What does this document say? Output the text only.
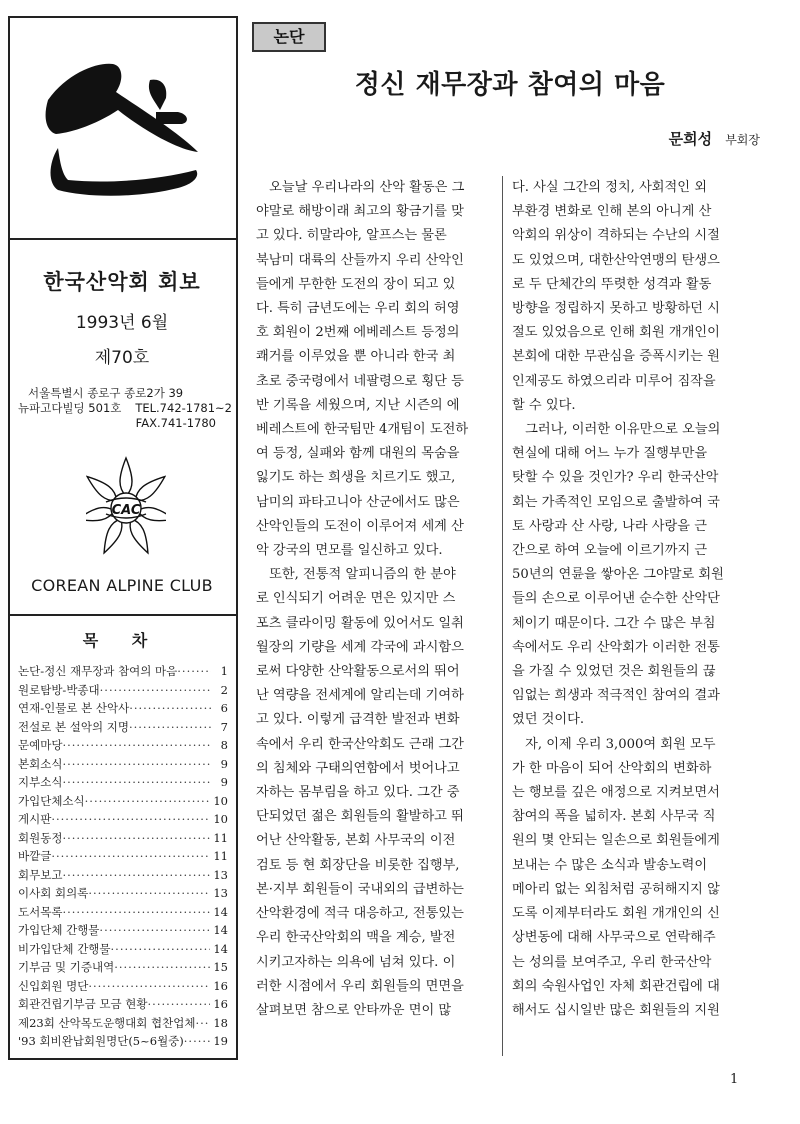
한국산악회 회보
1993년 6월
제70호
서울특별시 종로구 종로2가 39
뉴파고다빌딩 501호 TEL.742-1781~2
FAX.741-1780
CAC
COREAN ALPINE CLUB
목 차
논단-정신 재무장과 참여의 마음 ·····	1
원로탐방-박종대 ·····	2
연재-인물로 본 산악사 ·····	6
전설로 본 설악의 지명 ·····	7
문예마당 ·····	8
본회소식 ·····	9
지부소식 ·····	9
가입단체소식 ·····	10
게시판 ·····	10
회원동정 ·····	11
바깥글 ·····	11
회무보고 ·····	13
이사회 회의록 ·····	13
도서목록 ·····	14
가입단체 간행물 ·····	14
비가입단체 간행물 ·····	14
기부금 및 기증내역 ·····	15
신입회원 명단 ·····	16
회관건립기부금 모금 현황 ·····	16
제23회 산악목도운행대회 협찬업체 ····· 18
'93 회비완납회원명단(5~6월중) ·····	19
논단
정신 재무장과 참여의 마음
문희성 부회장

　오늘날 우리나라의 산악 활동은 그

야말로 해방이래 최고의 황금기를 맞

고 있다. 히말라야, 알프스는 물론

북남미 대륙의 산들까지 우리 산악인

들에게 무한한 도전의 장이 되고 있

다. 특히 금년도에는 우리 회의 허영

호 회원이 2번째 에베레스트 등정의

쾌거를 이루었을 뿐 아니라 한국 최

초로 중국령에서 네팔령으로 횡단 등

반 기록을 세웠으며, 지난 시즌의 에

베레스트에 한국팀만 4개팀이 도전하

여 등정, 실패와 함께 대원의 목숨을

잃기도 하는 희생을 치르기도 했고,

남미의 파타고니아 산군에서도 많은

산악인들의 도전이 이루어져 세계 산

악 강국의 면모를 일신하고 있다.

　또한, 전통적 알피니즘의 한 분야

로 인식되기 어려운 면은 있지만 스

포츠 클라이밍 활동에 있어서도 일취

월장의 기량을 세계 각국에 과시함으

로써 다양한 산악활동으로서의 뛰어

난 역량을 전세계에 알리는데 기여하

고 있다. 이렇게 급격한 발전과 변화

속에서 우리 한국산악회도 근래 그간

의 침체와 구태의연함에서 벗어나고

자하는 몸부림을 하고 있다. 그간 중

단되었던 젊은 회원들의 활발하고 뛰

어난 산악활동, 본회 사무국의 이전

검토 등 현 회장단을 비롯한 집행부,

본·지부 회원들이 국내외의 급변하는

산악환경에 적극 대응하고, 전통있는

우리 한국산악회의 맥을 계승, 발전

시키고자하는 의욕에 넘쳐 있다. 이

러한 시점에서 우리 회원들의 면면을

살펴보면 참으로 안타까운 면이 많

다. 사실 그간의 정치, 사회적인 외

부환경 변화로 인해 본의 아니게 산

악회의 위상이 격하되는 수난의 시절

도 있었으며, 대한산악연맹의 탄생으

로 두 단체간의 뚜렷한 성격과 활동

방향을 정립하지 못하고 방황하던 시

절도 있었음으로 인해 회원 개개인이

본회에 대한 무관심을 증폭시키는 원

인제공도 하였으리라 미루어 짐작을

할 수 있다.

　그러나, 이러한 이유만으로 오늘의

현실에 대해 어느 누가 질행부만을

탓할 수 있을 것인가? 우리 한국산악

회는 가족적인 모임으로 출발하여 국

토 사랑과 산 사랑, 나라 사랑을 근

간으로 하여 오늘에 이르기까지 근

50년의 연륜을 쌓아온 그야말로 회원

들의 손으로 이루어낸 순수한 산악단

체이기 때문이다. 그간 수 많은 부침

속에서도 우리 산악회가 이러한 전통

을 가질 수 있었던 것은 회원들의 끊

임없는 희생과 적극적인 참여의 결과

였던 것이다.

　자, 이제 우리 3,000여 회원 모두

가 한 마음이 되어 산악회의 변화하

는 행보를 깊은 애정으로 지켜보면서

참여의 폭을 넓히자. 본회 사무국 직

원의 몇 안되는 일손으로 회원들에게

보내는 수 많은 소식과 발송노력이

메아리 없는 외침처럼 공허해지지 않

도록 이제부터라도 회원 개개인의 신

상변동에 대해 사무국으로 연락해주

는 성의를 보여주고, 우리 한국산악

회의 숙원사업인 자체 회관건립에 대

해서도 십시일반 많은 회원들의 지원

1
